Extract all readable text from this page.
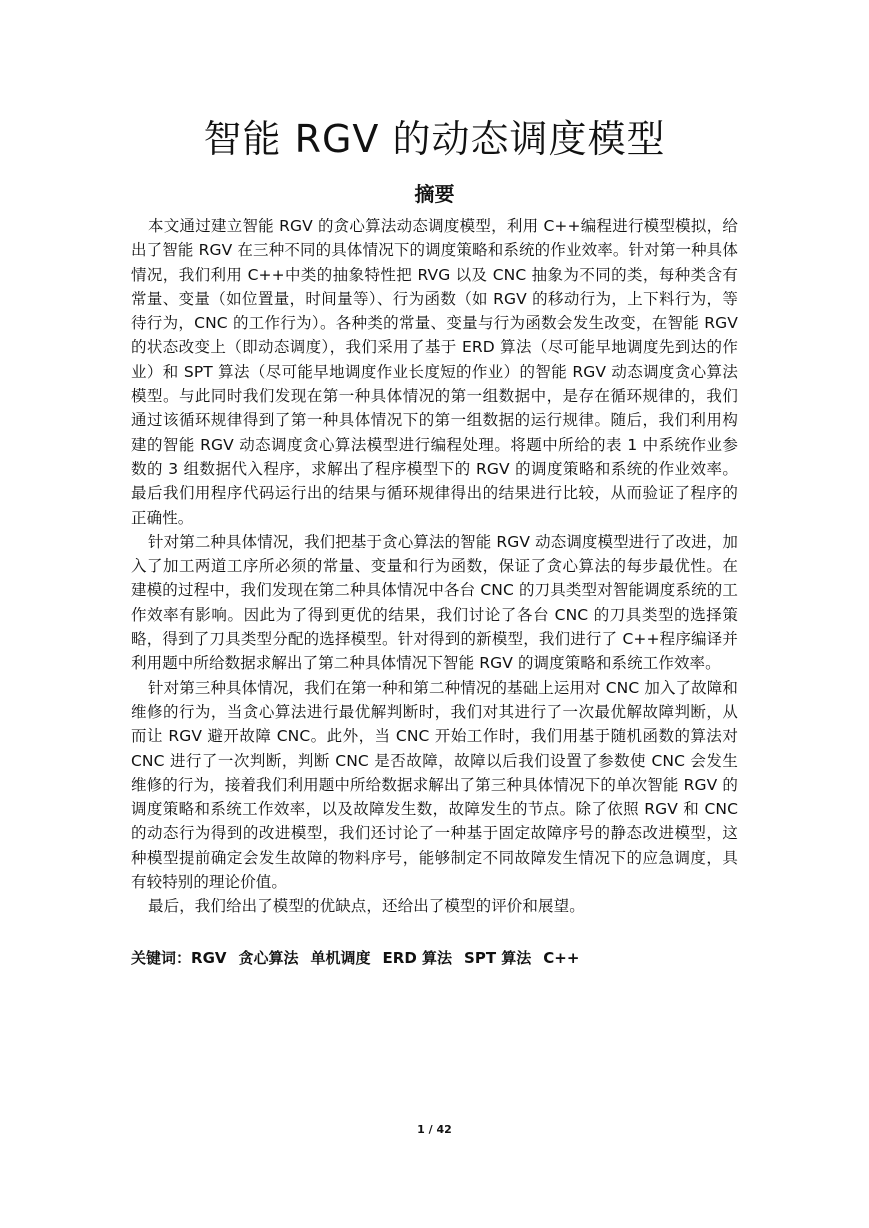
智能 RGV 的动态调度模型
摘要

本文通过建立智能 RGV 的贪心算法动态调度模型，利用 C++编程进行模型模拟，给出了智能 RGV 在三种不同的具体情况下的调度策略和系统的作业效率。针对第一种具体情况，我们利用 C++中类的抽象特性把 RVG 以及 CNC 抽象为不同的类，每种类含有常量、变量（如位置量，时间量等）、行为函数（如 RGV 的移动行为，上下料行为，等待行为，CNC 的工作行为）。各种类的常量、变量与行为函数会发生改变，在智能 RGV 的状态改变上（即动态调度），我们采用了基于 ERD 算法（尽可能早地调度先到达的作业）和 SPT 算法（尽可能早地调度作业长度短的作业）的智能 RGV 动态调度贪心算法模型。与此同时我们发现在第一种具体情况的第一组数据中，是存在循环规律的，我们通过该循环规律得到了第一种具体情况下的第一组数据的运行规律。随后，我们利用构建的智能 RGV 动态调度贪心算法模型进行编程处理。将题中所给的表 1 中系统作业参数的 3 组数据代入程序，求解出了程序模型下的 RGV 的调度策略和系统的作业效率。最后我们用程序代码运行出的结果与循环规律得出的结果进行比较，从而验证了程序的正确性。

针对第二种具体情况，我们把基于贪心算法的智能 RGV 动态调度模型进行了改进，加入了加工两道工序所必须的常量、变量和行为函数，保证了贪心算法的每步最优性。在建模的过程中，我们发现在第二种具体情况中各台 CNC 的刀具类型对智能调度系统的工作效率有影响。因此为了得到更优的结果，我们讨论了各台 CNC 的刀具类型的选择策略，得到了刀具类型分配的选择模型。针对得到的新模型，我们进行了 C++程序编译并利用题中所给数据求解出了第二种具体情况下智能 RGV 的调度策略和系统工作效率。

针对第三种具体情况，我们在第一种和第二种情况的基础上运用对 CNC 加入了故障和维修的行为，当贪心算法进行最优解判断时，我们对其进行了一次最优解故障判断，从而让 RGV 避开故障 CNC。此外，当 CNC 开始工作时，我们用基于随机函数的算法对 CNC 进行了一次判断，判断 CNC 是否故障，故障以后我们设置了参数使 CNC 会发生维修的行为，接着我们利用题中所给数据求解出了第三种具体情况下的单次智能 RGV 的调度策略和系统工作效率，以及故障发生数，故障发生的节点。除了依照 RGV 和 CNC 的动态行为得到的改进模型，我们还讨论了一种基于固定故障序号的静态改进模型，这种模型提前确定会发生故障的物料序号，能够制定不同故障发生情况下的应急调度，具有较特别的理论价值。

最后，我们给出了模型的优缺点，还给出了模型的评价和展望。

关键词：RGV 贪心算法 单机调度 ERD 算法 SPT 算法 C++
1 / 42
